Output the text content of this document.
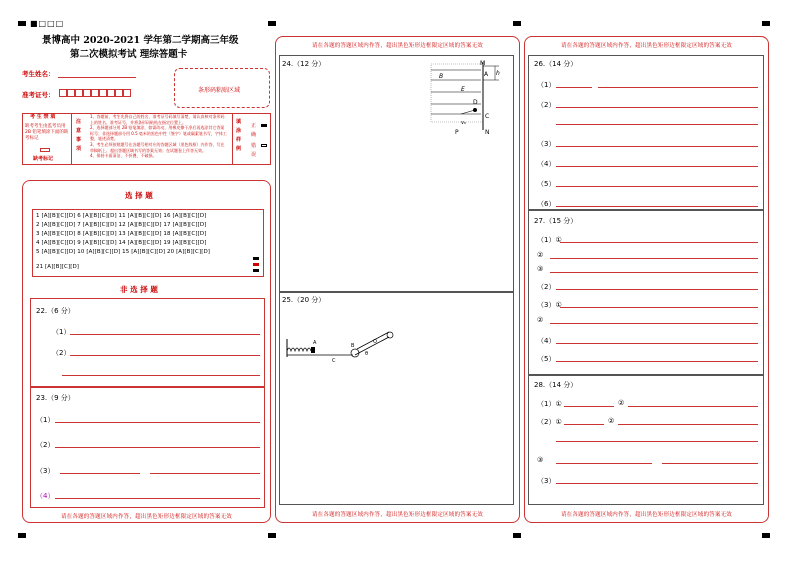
■□□□
景博高中 2020-2021 学年第二学期高三年级
第二次模拟考试 理综答题卡
考生姓名：
准考证号：
条形码粘贴区域
考 生 禁 填
缺考考生由监考员用 2B 铅笔填涂下面的缺考标记
缺考标记
注 意 事 项
1、答题前，考生先将自己的姓名、准考证号码填写清楚，请认真核对条形码上的姓名、准考证号，并将条形码粘贴在指定位置上。
2、选择题部分用 2B 铅笔填涂，如需改动，用橡皮擦干净后再选涂其它答案标号；非选择题部分用 0.5 毫米的黑色中性（签字）笔或碳素笔书写，字体工整，笔迹清楚。
3、考生必须按照题号在各题号相对应的答题区域（黑色线框）内作答，写在草稿纸上、超出答题区域书写的答案无效；在试题卷上作答无效。
4、保持卡面清洁，不折叠，不破损。
填 涂 样 例
正 确
错 误
选 择 题
1 [A][B][C][D] 6 [A][B][C][D] 11 [A][B][C][D] 16 [A][B][C][D]
2 [A][B][C][D] 7 [A][B][C][D] 12 [A][B][C][D] 17 [A][B][C][D]
3 [A][B][C][D] 8 [A][B][C][D] 13 [A][B][C][D] 18 [A][B][C][D]
4 [A][B][C][D] 9 [A][B][C][D] 14 [A][B][C][D] 19 [A][B][C][D]
5 [A][B][C][D] 10 [A][B][C][D] 15 [A][B][C][D] 20 [A][B][C][D]
21 [A][B][C][D]
非 选 择 题
22.（6 分）
（1）
（2）
23.（9 分）
（1）
（2）
（3）
（4）
请在各题的答题区域内作答，超出黑色矩形边框限定区域的答案无效
请在各题的答题区域内作答，超出黑色矩形边框限定区域的答案无效
24.（12 分）	M
B
E
A h
D
C
v₀
P	N
25.（20 分）
A
C
B
O
θ
请在各题的答题区域内作答，超出黑色矩形边框限定区域的答案无效
请在各题的答题区域内作答，超出黑色矩形边框限定区域的答案无效
26.（14 分）
（1）
（2）
（3）
（4）
（5）
（6）
27.（15 分）
（1）①
②
③
（2）
（3）①
②
（4）
（5）
28.（14 分）
（1）①	②
（2）①	②
③
（3）
请在各题的答题区域内作答，超出黑色矩形边框限定区域的答案无效
